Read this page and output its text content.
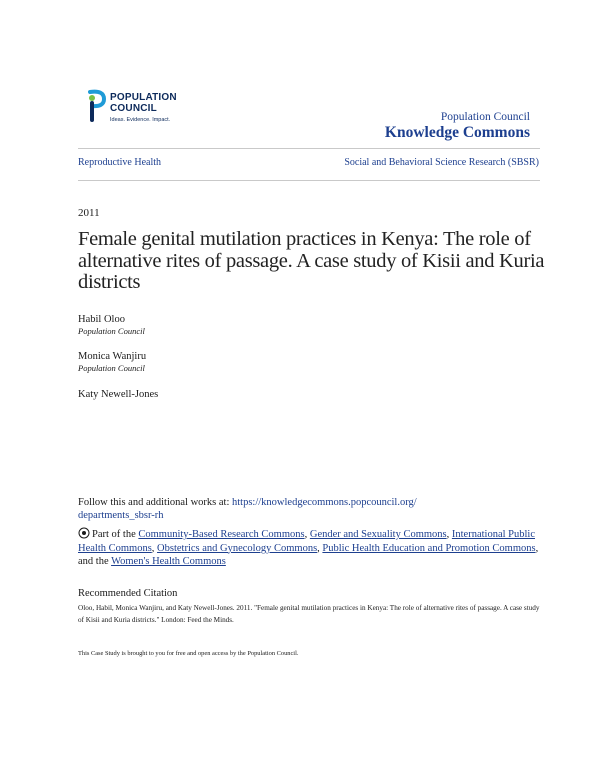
POPULATION
COUNCIL
Ideas. Evidence. Impact.	Population Council
Knowledge Commons
Reproductive Health	Social and Behavioral Science Research (SBSR)
2011
Female genital mutilation practices in Kenya: The role of alternative rites of passage. A case study of Kisii and Kuria districts
Habil Oloo
Population Council
Monica Wanjiru
Population Council
Katy Newell-Jones
Follow this and additional works at: https://knowledgecommons.popcouncil.org/
departments_sbsr-rh
Part of the Community-Based Research Commons, Gender and Sexuality Commons, International Public Health Commons, Obstetrics and Gynecology Commons, Public Health Education and Promotion Commons, and the Women's Health Commons
Recommended Citation
Oloo, Habil, Monica Wanjiru, and Katy Newell-Jones. 2011. "Female genital mutilation practices in Kenya: The role of alternative rites of passage. A case study of Kisii and Kuria districts." London: Feed the Minds.
This Case Study is brought to you for free and open access by the Population Council.
